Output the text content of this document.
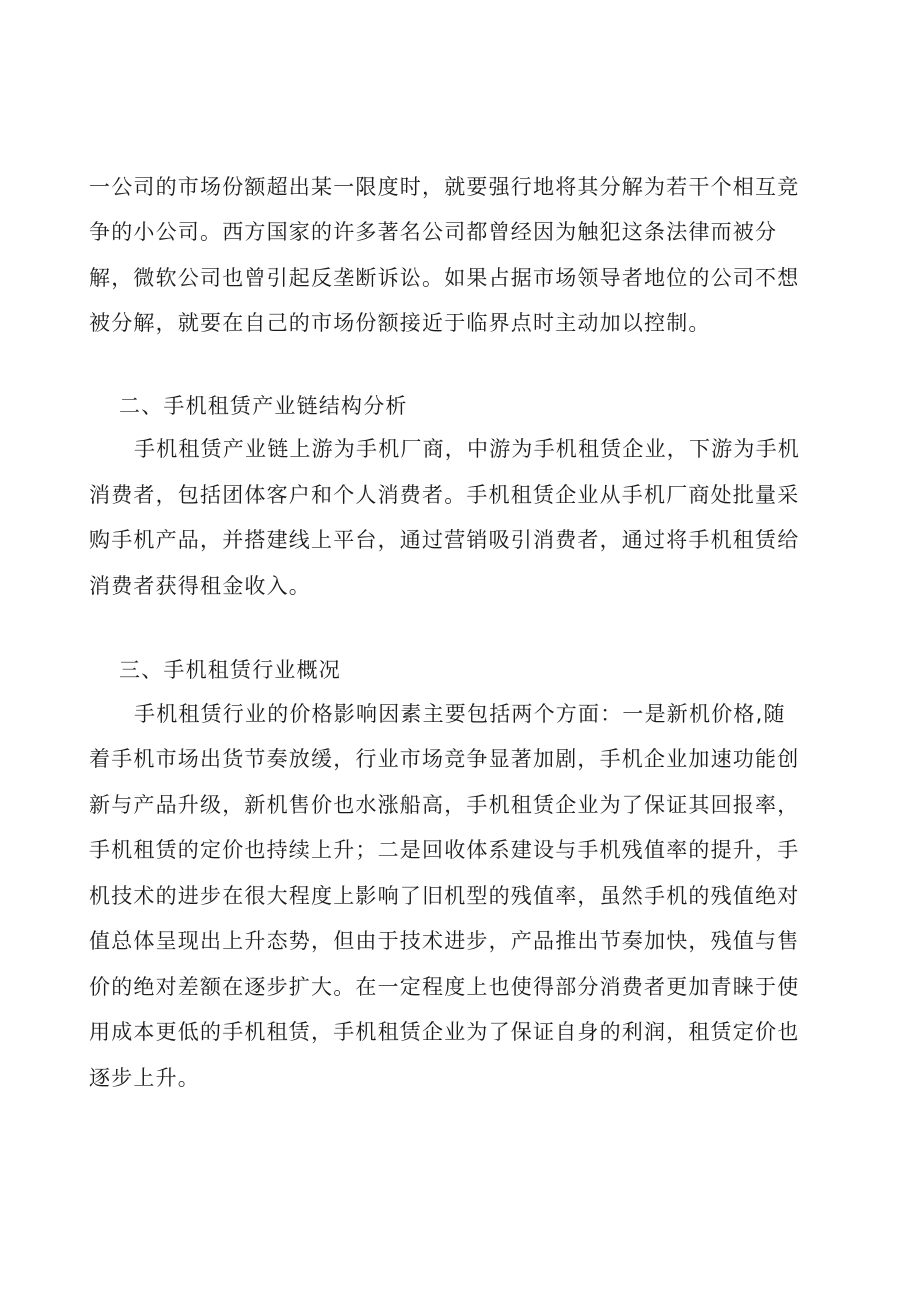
一公司的市场份额超出某一限度时，就要强行地将其分解为若干个相互竞
争的小公司。西方国家的许多著名公司都曾经因为触犯这条法律而被分
解，微软公司也曾引起反垄断诉讼。如果占据市场领导者地位的公司不想
被分解，就要在自己的市场份额接近于临界点时主动加以控制。
二、手机租赁产业链结构分析
手机租赁产业链上游为手机厂商，中游为手机租赁企业，下游为手机
消费者，包括团体客户和个人消费者。手机租赁企业从手机厂商处批量采
购手机产品，并搭建线上平台，通过营销吸引消费者，通过将手机租赁给
消费者获得租金收入。
三、手机租赁行业概况
手机租赁行业的价格影响因素主要包括两个方面：一是新机价格,随
着手机市场出货节奏放缓，行业市场竞争显著加剧，手机企业加速功能创
新与产品升级，新机售价也水涨船高，手机租赁企业为了保证其回报率，
手机租赁的定价也持续上升；二是回收体系建设与手机残值率的提升，手
机技术的进步在很大程度上影响了旧机型的残值率，虽然手机的残值绝对
值总体呈现出上升态势，但由于技术进步，产品推出节奏加快，残值与售
价的绝对差额在逐步扩大。在一定程度上也使得部分消费者更加青睐于使
用成本更低的手机租赁，手机租赁企业为了保证自身的利润，租赁定价也
逐步上升。
